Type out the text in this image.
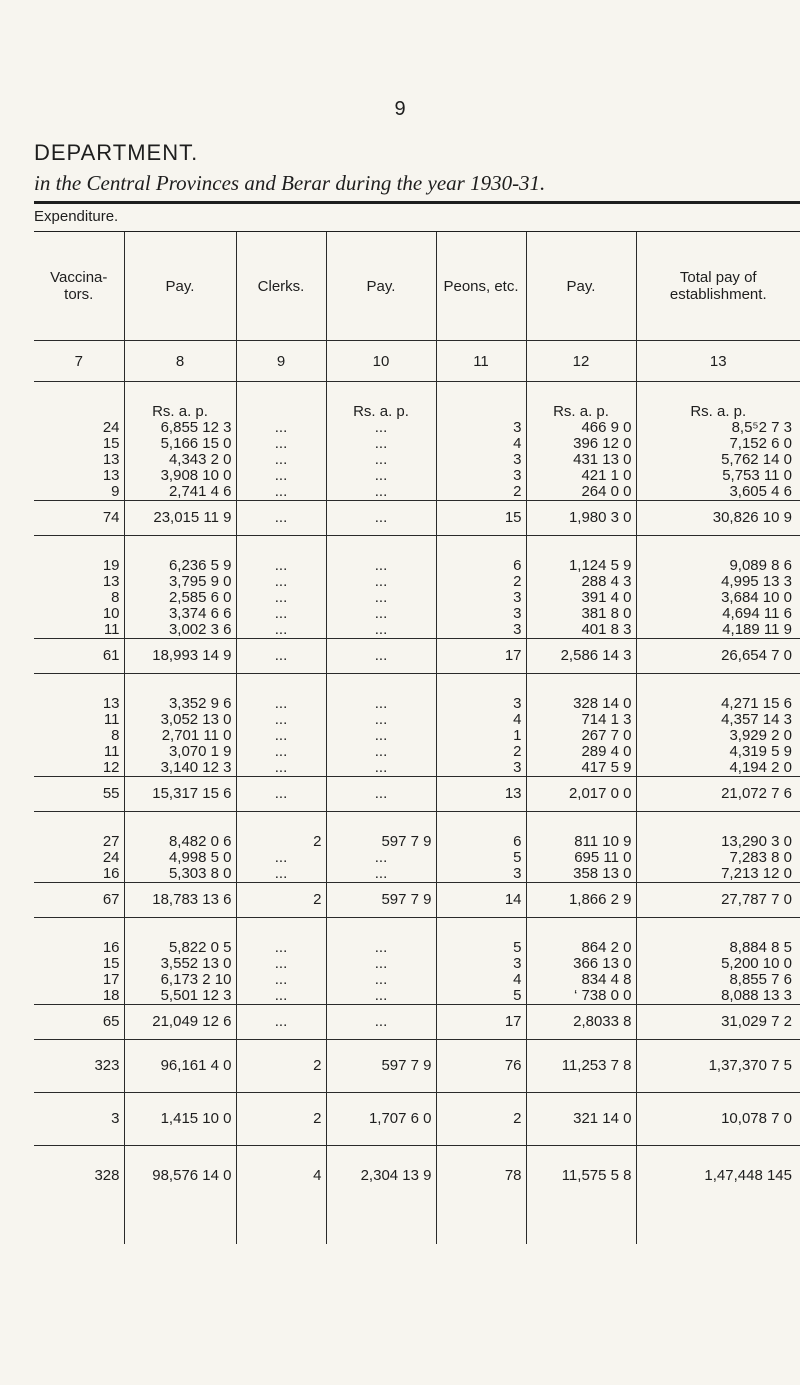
9
DEPARTMENT.
in the Central Provinces and Berar during the year 1930-31.
Expenditure.
Vaccina-tors.	Pay.	Clerks.	Pay.	Peons, etc.	Pay.	Total pay of establishment.
7	8	9	10	11	12	13
	Rs. a. p.		Rs. a. p.		Rs. a. p.	Rs. a. p.
24	6,855 12 3	...	...	3	466 9 0	8,5⁵2 7 3
15	5,166 15 0	...	...	4	396 12 0	7,152 6 0
13	4,343 2 0	...	...	3	431 13 0	5,762 14 0
13	3,908 10 0	...	...	3	421 1 0	5,753 11 0
9	2,741 4 6	...	...	2	264 0 0	3,605 4 6
74	23,015 11 9	...	...	15	1,980 3 0	30,826 10 9

19	6,236 5 9	...	...	6	1,124 5 9	9,089 8 6
13	3,795 9 0	...	...	2	288 4 3	4,995 13 3
8	2,585 6 0	...	...	3	391 4 0	3,684 10 0
10	3,374 6 6	...	...	3	381 8 0	4,694 11 6
11	3,002 3 6	...	...	3	401 8 3	4,189 11 9
61	18,993 14 9	...	...	17	2,586 14 3	26,654 7 0

13	3,352 9 6	...	...	3	328 14 0	4,271 15 6
11	3,052 13 0	...	...	4	714 1 3	4,357 14 3
8	2,701 11 0	...	...	1	267 7 0	3,929 2 0
11	3,070 1 9	...	...	2	289 4 0	4,319 5 9
12	3,140 12 3	...	...	3	417 5 9	4,194 2 0
55	15,317 15 6	...	...	13	2,017 0 0	21,072 7 6

27	8,482 0 6	2	597 7 9	6	811 10 9	13,290 3 0
24	4,998 5 0	...	...	5	695 11 0	7,283 8 0
16	5,303 8 0	...	...	3	358 13 0	7,213 12 0
67	18,783 13 6	2	597 7 9	14	1,866 2 9	27,787 7 0

16	5,822 0 5	...	...	5	864 2 0	8,884 8 5
15	3,552 13 0	...	...	3	366 13 0	5,200 10 0
17	6,173 2 10	...	...	4	834 4 8	8,855 7 6
18	5,501 12 3	...	...	5	‘ 738 0 0	8,088 13 3
65	21,049 12 6	...	...	17	2,8033 8	31,029 7 2
323	96,161 4 0	2	597 7 9	76	11,253 7 8	1,37,370 7 5
3	1,415 10 0	2	1,707 6 0	2	321 14 0	10,078 7 0
328	98,576 14 0	4	2,304 13 9	78	11,575 5 8	1,47,448 145
